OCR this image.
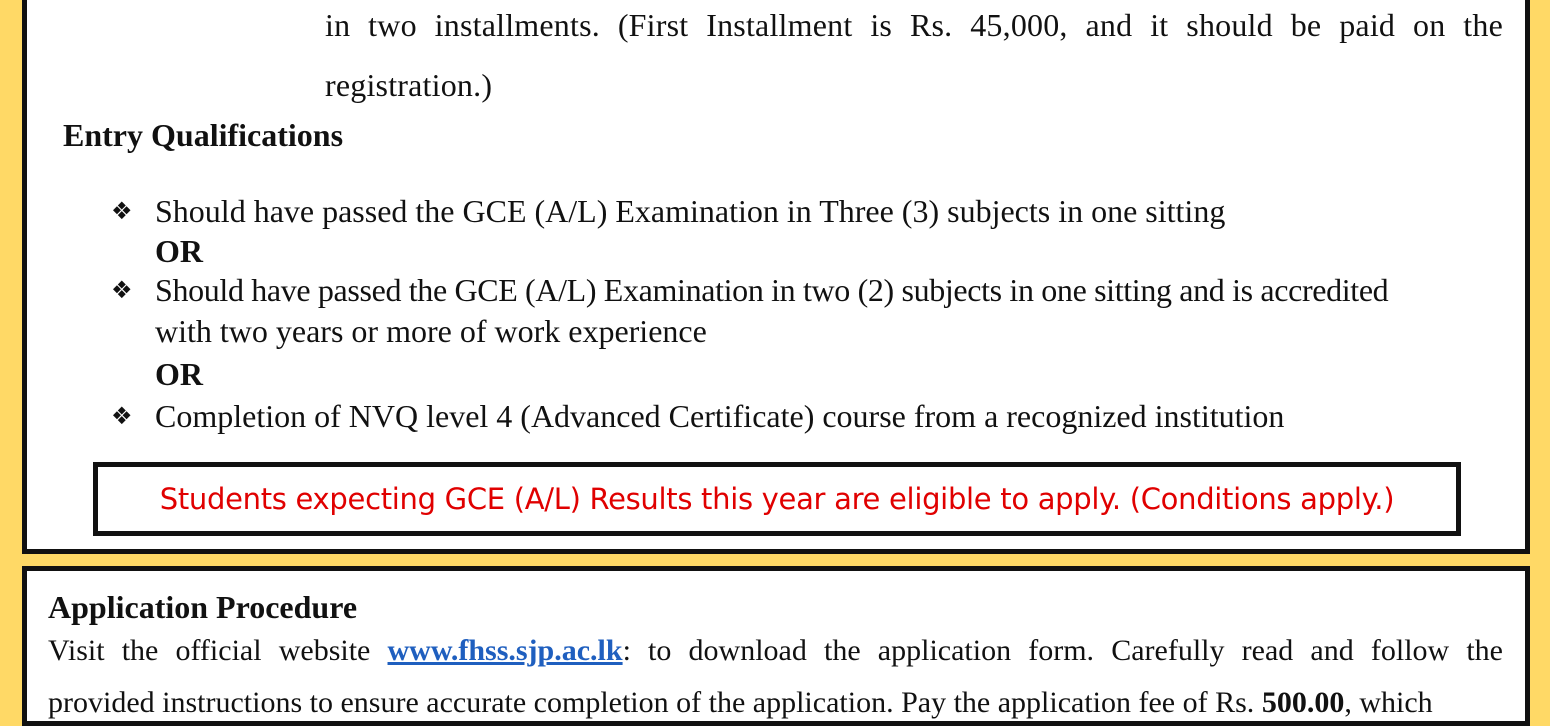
in two installments. (First Installment is Rs. 45,000, and it should be paid on the
registration.)
Entry Qualifications
❖ Should have passed the GCE (A/L) Examination in Three (3) subjects in one sitting
OR
❖ Should have passed the GCE (A/L) Examination in two (2) subjects in one sitting and is accredited
with two years or more of work experience
OR
❖ Completion of NVQ level 4 (Advanced Certificate) course from a recognized institution
Students expecting GCE (A/L) Results this year are eligible to apply. (Conditions apply.)
Application Procedure
Visit the official website www.fhss.sjp.ac.lk: to download the application form. Carefully read and follow the
provided instructions to ensure accurate completion of the application. Pay the application fee of Rs. 500.00, which
